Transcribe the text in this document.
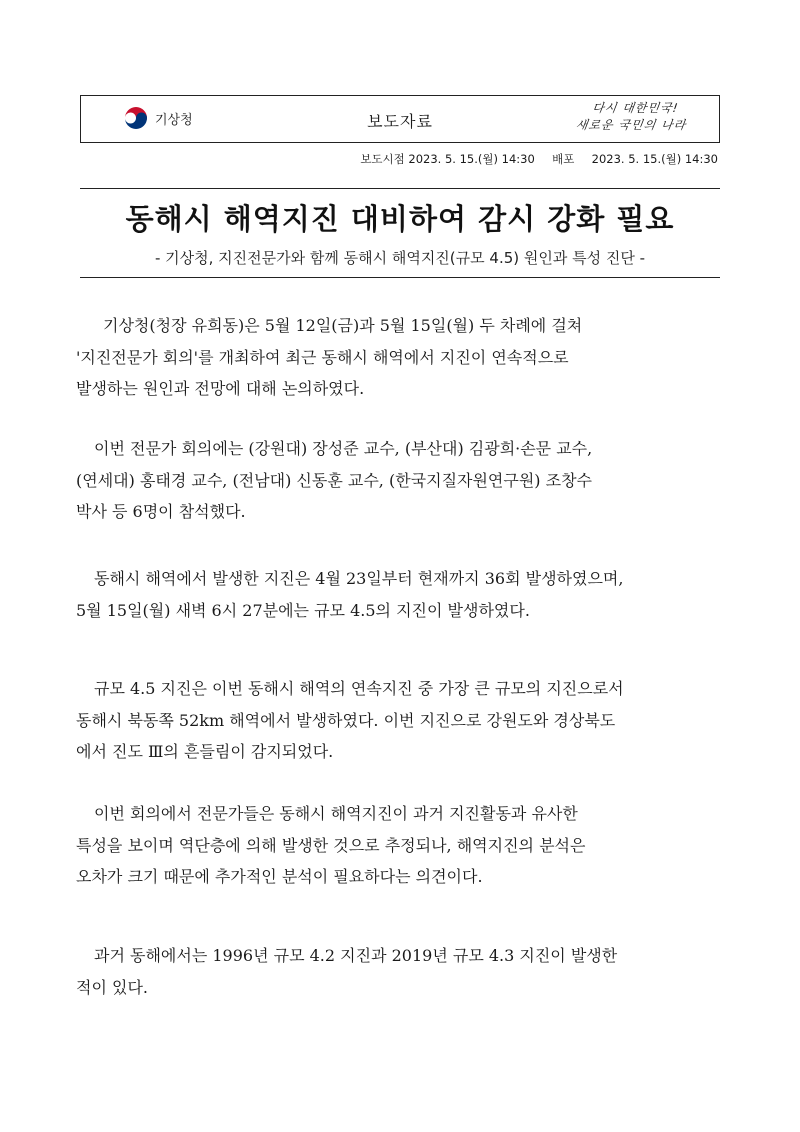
기상청	보도자료
다시 대한민국!
새로운 국민의 나라
보도시점 2023. 5. 15.(월) 14:30 배포 2023. 5. 15.(월) 14:30
동해시 해역지진 대비하여 감시 강화 필요
- 기상청, 지진전문가와 함께 동해시 해역지진(규모 4.5) 원인과 특성 진단 -
기상청(청장 유희동)은 5월 12일(금)과 5월 15일(월) 두 차례에 걸쳐
'지진전문가 회의'를 개최하여 최근 동해시 해역에서 지진이 연속적으로
발생하는 원인과 전망에 대해 논의하였다.
이번 전문가 회의에는 (강원대) 장성준 교수, (부산대) 김광희·손문 교수,
(연세대) 홍태경 교수, (전남대) 신동훈 교수, (한국지질자원연구원) 조창수
박사 등 6명이 참석했다.
동해시 해역에서 발생한 지진은 4월 23일부터 현재까지 36회 발생하였으며,
5월 15일(월) 새벽 6시 27분에는 규모 4.5의 지진이 발생하였다.
규모 4.5 지진은 이번 동해시 해역의 연속지진 중 가장 큰 규모의 지진으로서
동해시 북동쪽 52km 해역에서 발생하였다. 이번 지진으로 강원도와 경상북도
에서 진도 Ⅲ의 흔들림이 감지되었다.
이번 회의에서 전문가들은 동해시 해역지진이 과거 지진활동과 유사한
특성을 보이며 역단층에 의해 발생한 것으로 추정되나, 해역지진의 분석은
오차가 크기 때문에 추가적인 분석이 필요하다는 의견이다.
과거 동해에서는 1996년 규모 4.2 지진과 2019년 규모 4.3 지진이 발생한
적이 있다.
